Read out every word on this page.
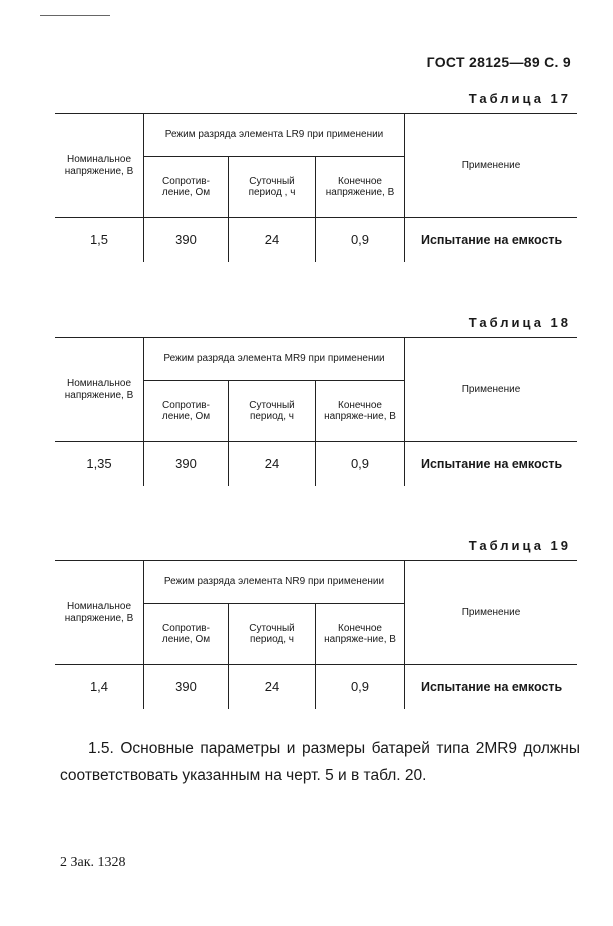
ГОСТ 28125—89 С. 9
Таблица 17
Номинальное напряжение, В	Режим разряда элемента LR9 при применении			Применение
	Сопротив-ление, Ом	Суточный период , ч	Конечное напряжение, В	
1,5	390	24	0,9	Испытание на емкость
Таблица 18
Номинальное напряжение, В	Режим разряда элемента MR9 при применении			Применение
	Сопротив-ление, Ом	Суточный период, ч	Конечное напряже-ние, В	
1,35	390	24	0,9	Испытание на емкость
Таблица 19
Номинальное напряжение, В	Режим разряда элемента NR9 при применении			Применение
	Сопротив-ление, Ом	Суточный период, ч	Конечное напряже-ние, В	
1,4	390	24	0,9	Испытание на емкость

1.5. Основные параметры и размеры батарей типа 2MR9 должны соответствовать указанным на черт. 5 и в табл. 20.

2 Зак. 1328
